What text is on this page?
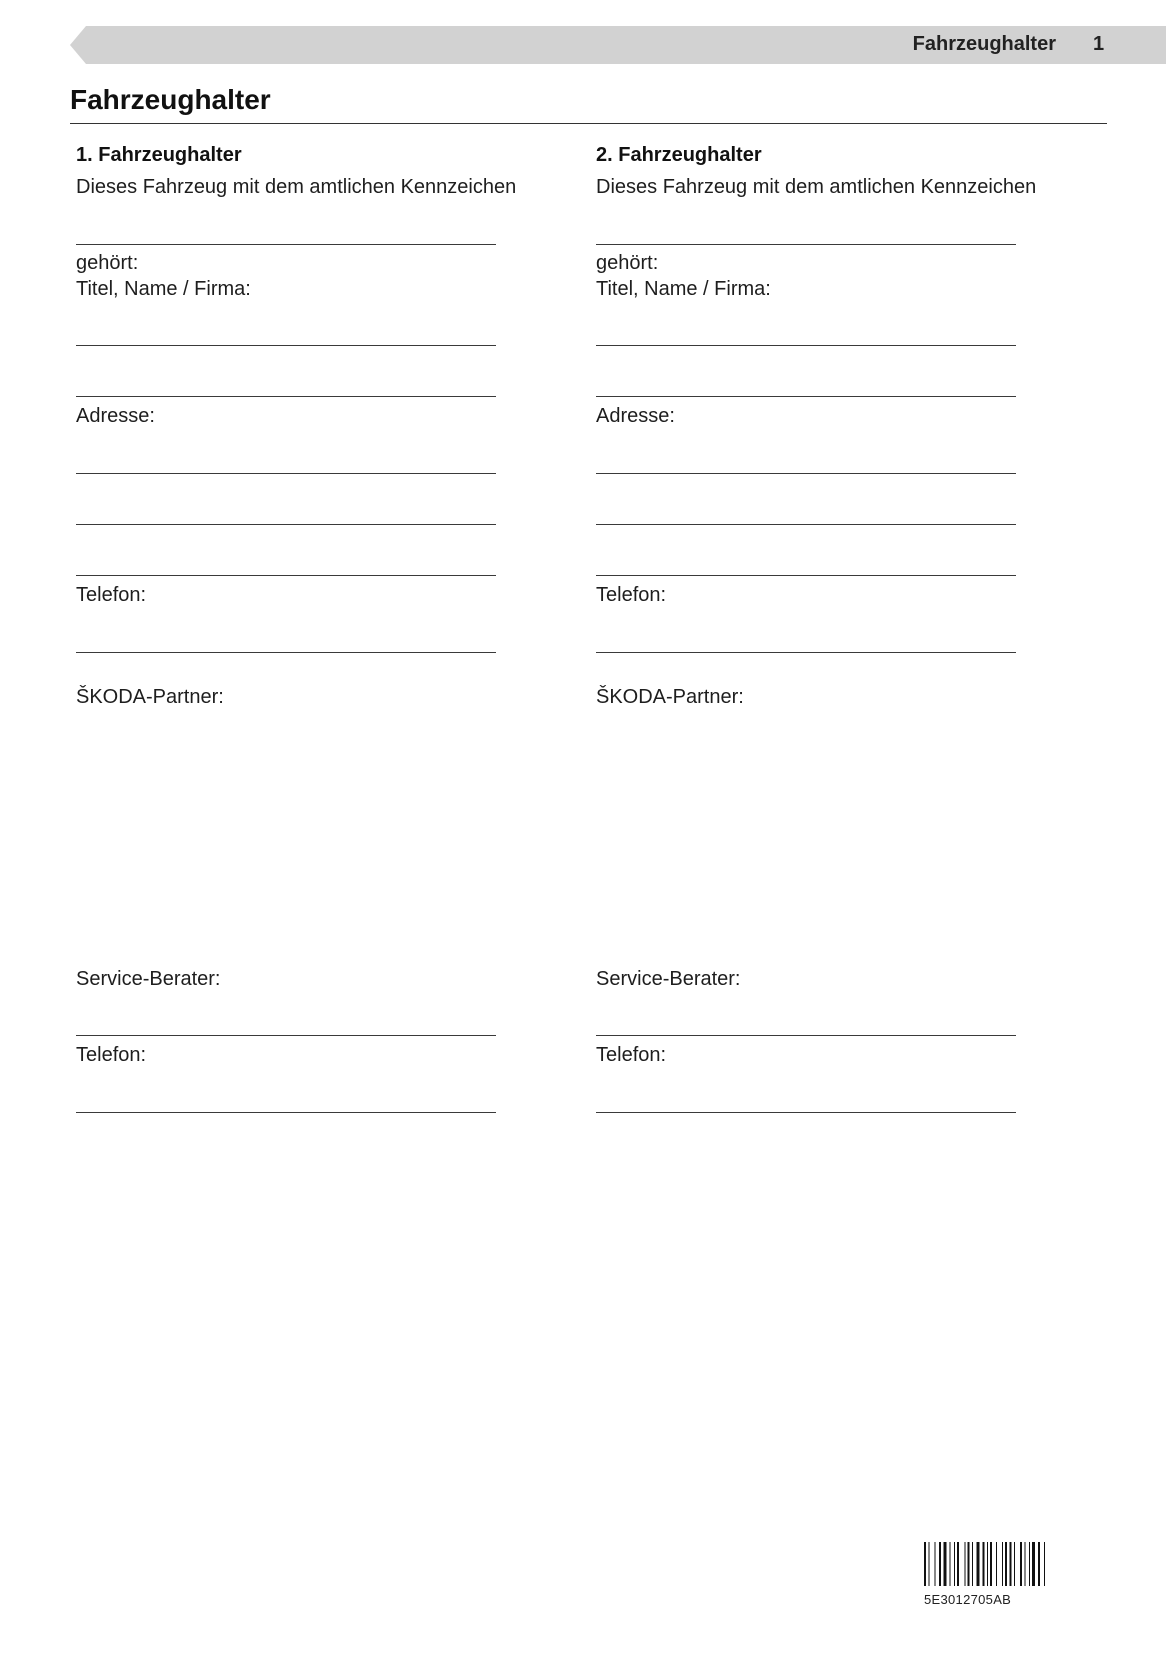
Fahrzeughalter 1
Fahrzeughalter
1. Fahrzeughalter
Dieses Fahrzeug mit dem amtlichen Kennzeichen
gehört:
Titel, Name / Firma:
Adresse:
Telefon:
ŠKODA-Partner:
Service-Berater:
Telefon:
2. Fahrzeughalter
Dieses Fahrzeug mit dem amtlichen Kennzeichen
gehört:
Titel, Name / Firma:
Adresse:
Telefon:
ŠKODA-Partner:
Service-Berater:
Telefon:
5E3012705AB
